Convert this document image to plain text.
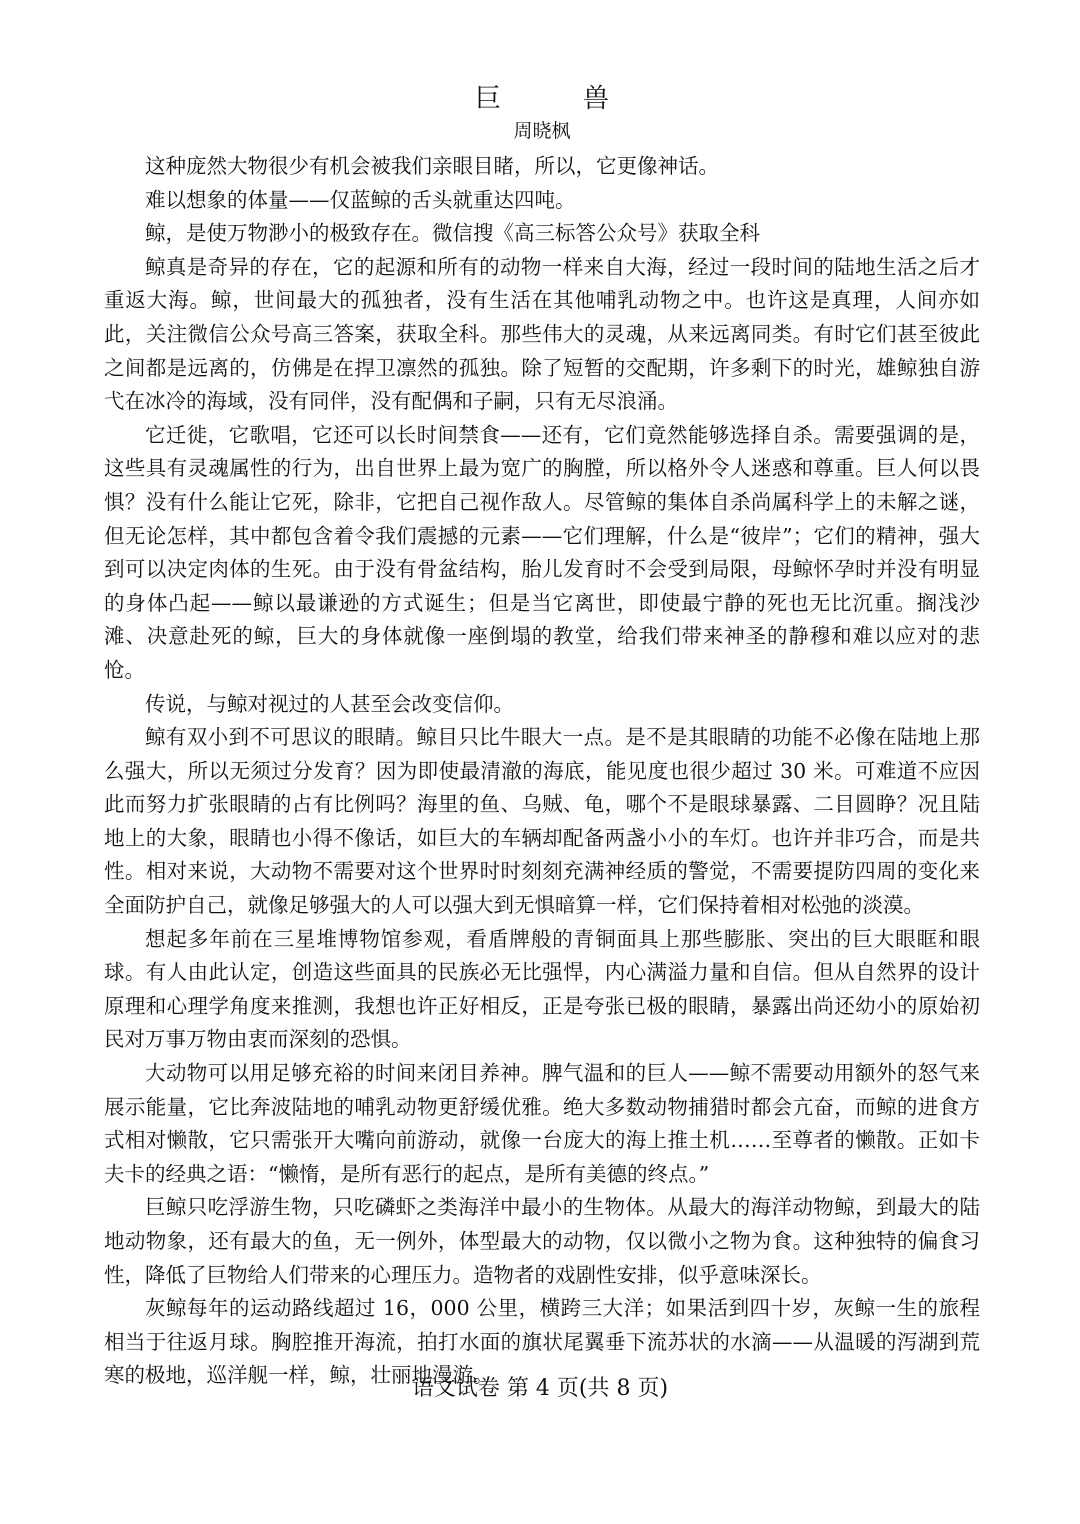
巨　兽
周晓枫

这种庞然大物很少有机会被我们亲眼目睹，所以，它更像神话。

难以想象的体量——仅蓝鲸的舌头就重达四吨。

鲸，是使万物渺小的极致存在。微信搜《高三标答公众号》获取全科

鲸真是奇异的存在，它的起源和所有的动物一样来自大海，经过一段时间的陆地生活之后才重返大海。鲸，世间最大的孤独者，没有生活在其他哺乳动物之中。也许这是真理，人间亦如此，关注微信公众号高三答案，获取全科。那些伟大的灵魂，从来远离同类。有时它们甚至彼此之间都是远离的，仿佛是在捍卫凛然的孤独。除了短暂的交配期，许多剩下的时光，雄鲸独自游弋在冰冷的海域，没有同伴，没有配偶和子嗣，只有无尽浪涌。

它迁徙，它歌唱，它还可以长时间禁食——还有，它们竟然能够选择自杀。需要强调的是，这些具有灵魂属性的行为，出自世界上最为宽广的胸膛，所以格外令人迷惑和尊重。巨人何以畏惧？没有什么能让它死，除非，它把自己视作敌人。尽管鲸的集体自杀尚属科学上的未解之谜，但无论怎样，其中都包含着令我们震撼的元素——它们理解，什么是“彼岸”；它们的精神，强大到可以决定肉体的生死。由于没有骨盆结构，胎儿发育时不会受到局限，母鲸怀孕时并没有明显的身体凸起——鲸以最谦逊的方式诞生；但是当它离世，即使最宁静的死也无比沉重。搁浅沙滩、决意赴死的鲸，巨大的身体就像一座倒塌的教堂，给我们带来神圣的静穆和难以应对的悲怆。

传说，与鲸对视过的人甚至会改变信仰。

鲸有双小到不可思议的眼睛。鲸目只比牛眼大一点。是不是其眼睛的功能不必像在陆地上那么强大，所以无须过分发育？因为即使最清澈的海底，能见度也很少超过 30 米。可难道不应因此而努力扩张眼睛的占有比例吗？海里的鱼、乌贼、龟，哪个不是眼球暴露、二目圆睁？况且陆地上的大象，眼睛也小得不像话，如巨大的车辆却配备两盏小小的车灯。也许并非巧合，而是共性。相对来说，大动物不需要对这个世界时时刻刻充满神经质的警觉，不需要提防四周的变化来全面防护自己，就像足够强大的人可以强大到无惧暗算一样，它们保持着相对松弛的淡漠。

想起多年前在三星堆博物馆参观，看盾牌般的青铜面具上那些膨胀、突出的巨大眼眶和眼球。有人由此认定，创造这些面具的民族必无比强悍，内心满溢力量和自信。但从自然界的设计原理和心理学角度来推测，我想也许正好相反，正是夸张已极的眼睛，暴露出尚还幼小的原始初民对万事万物由衷而深刻的恐惧。

大动物可以用足够充裕的时间来闭目养神。脾气温和的巨人——鲸不需要动用额外的怒气来展示能量，它比奔波陆地的哺乳动物更舒缓优雅。绝大多数动物捕猎时都会亢奋，而鲸的进食方式相对懒散，它只需张开大嘴向前游动，就像一台庞大的海上推土机……至尊者的懒散。正如卡夫卡的经典之语：“懒惰，是所有恶行的起点，是所有美德的终点。”

巨鲸只吃浮游生物，只吃磷虾之类海洋中最小的生物体。从最大的海洋动物鲸，到最大的陆地动物象，还有最大的鱼，无一例外，体型最大的动物，仅以微小之物为食。这种独特的偏食习性，降低了巨物给人们带来的心理压力。造物者的戏剧性安排，似乎意味深长。

灰鲸每年的运动路线超过 16，000 公里，横跨三大洋；如果活到四十岁，灰鲸一生的旅程相当于往返月球。胸腔推开海流，拍打水面的旗状尾翼垂下流苏状的水滴——从温暖的泻湖到荒寒的极地，巡洋舰一样，鲸，壮丽地漫游。

语文试卷 第 4 页(共 8 页)
